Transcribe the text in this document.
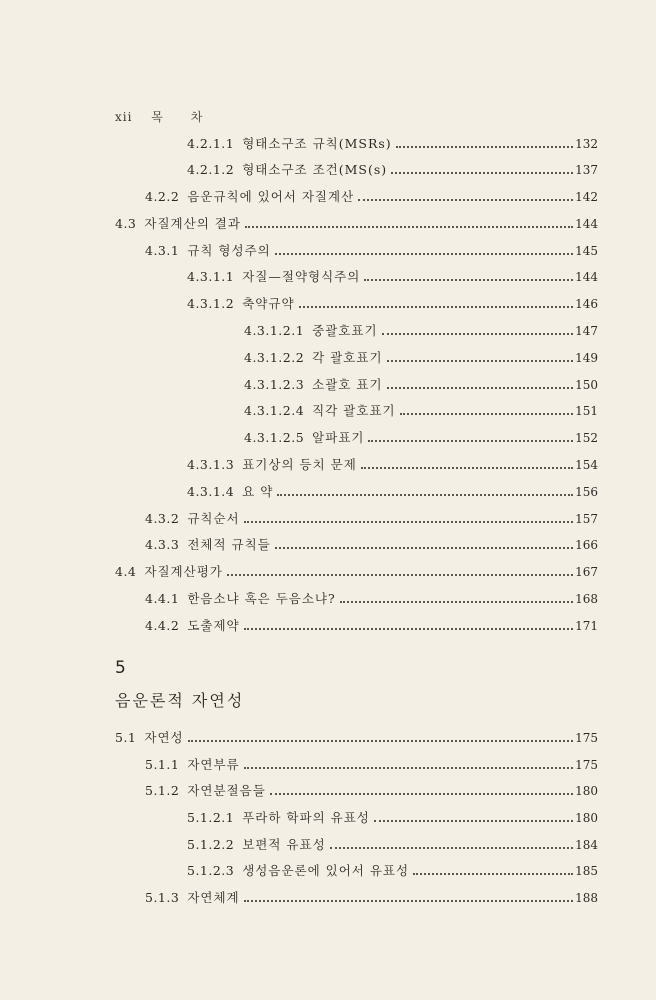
xii 목 차
4.2.1.1 형태소구조 규칙(MSRs)	132
4.2.1.2 형태소구조 조건(MS(s)	137
4.2.2 음운규칙에 있어서 자질계산	142
4.3 자질계산의 결과	144
4.3.1 규칙 형성주의	145
4.3.1.1 자질—절약형식주의	144
4.3.1.2 축약규약	146
4.3.1.2.1 중괄호표기	147
4.3.1.2.2 각 괄호표기	149
4.3.1.2.3 소괄호 표기	150
4.3.1.2.4 직각 괄호표기	151
4.3.1.2.5 알파표기	152
4.3.1.3 표기상의 등치 문제	154
4.3.1.4 요 약	156
4.3.2 규칙순서	157
4.3.3 전체적 규칙들	166
4.4 자질계산평가	167
4.4.1 한음소냐 혹은 두음소냐?	168
4.4.2 도출제약	171
5
음운론적 자연성
5.1 자연성	175
5.1.1 자연부류	175
5.1.2 자연분절음들	180
5.1.2.1 푸라하 학파의 유표성	180
5.1.2.2 보편적 유표성	184
5.1.2.3 생성음운론에 있어서 유표성	185
5.1.3 자연체계	188
